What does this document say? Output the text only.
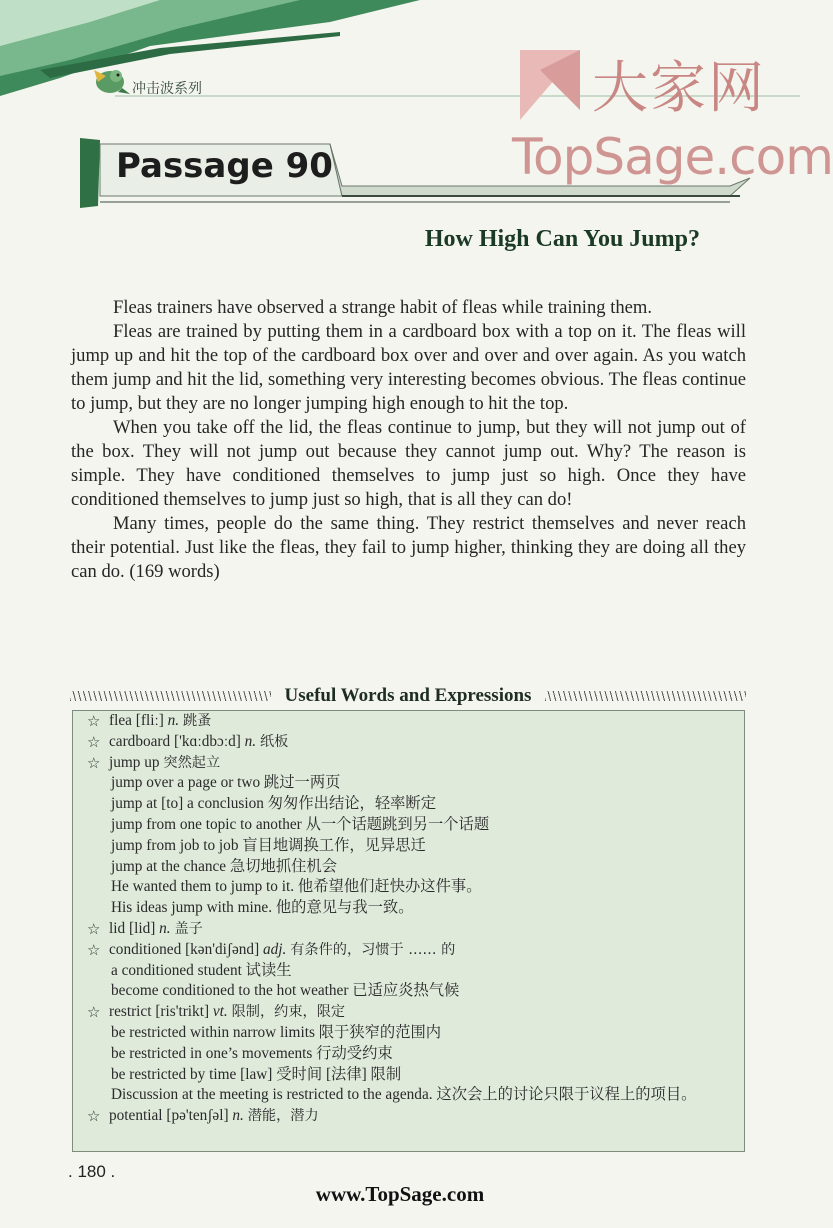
冲击波系列	大家网
TopSage.com
Passage 90
How High Can You Jump?

Fleas trainers have observed a strange habit of fleas while training them.

Fleas are trained by putting them in a cardboard box with a top on it. The fleas will jump up and hit the top of the cardboard box over and over and over again. As you watch them jump and hit the lid, something very interesting becomes obvious. The fleas continue to jump, but they are no longer jumping high enough to hit the top.

When you take off the lid, the fleas continue to jump, but they will not jump out of the box. They will not jump out because they cannot jump out. Why? The reason is simple. They have conditioned themselves to jump just so high. Once they have conditioned themselves to jump just so high, that is all they can do!

Many times, people do the same thing. They restrict themselves and never reach their potential. Just like the fleas, they fail to jump higher, thinking they are doing all they can do. (169 words)

Useful Words and Expressions
☆ flea [fliː] n. 跳蚤
☆ cardboard ['kɑːdbɔːd] n. 纸板
☆ jump up 突然起立
jump over a page or two 跳过一两页
jump at [to] a conclusion 匆匆作出结论，轻率断定
jump from one topic to another 从一个话题跳到另一个话题
jump from job to job 盲目地调换工作，见异思迁
jump at the chance 急切地抓住机会
He wanted them to jump to it. 他希望他们赶快办这件事。
His ideas jump with mine. 他的意见与我一致。
☆ lid [lid] n. 盖子
☆ conditioned [kən'diʃənd] adj. 有条件的，习惯于 …… 的
a conditioned student 试读生
become conditioned to the hot weather 已适应炎热气候
☆ restrict [ris'trikt] vt. 限制，约束，限定
be restricted within narrow limits 限于狭窄的范围内
be restricted in one’s movements 行动受约束
be restricted by time [law] 受时间 [法律] 限制
Discussion at the meeting is restricted to the agenda. 这次会上的讨论只限于议程上的项目。
☆ potential [pə'tenʃəl] n. 潜能，潜力
. 180 .
www.TopSage.com
